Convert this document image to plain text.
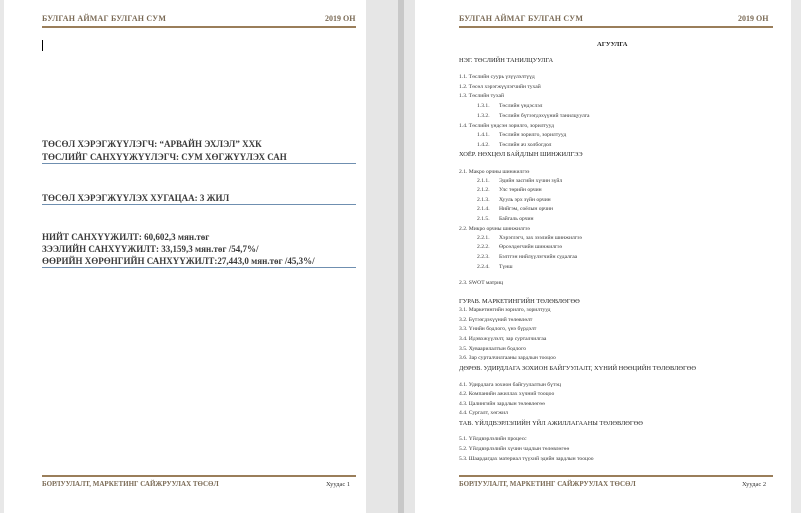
БУЛГАН АЙМАГ БУЛГАН СУМ	2019 ОН
ТӨСӨЛ ХЭРЭГЖҮҮЛЭГЧ: “АРВАЙН ЭХЛЭЛ” ХХК
ТӨСЛИЙГ САНХҮҮЖҮҮЛЭГЧ: СУМ ХӨГЖҮҮЛЭХ САН
ТӨСӨЛ ХЭРЭГЖҮҮЛЭХ ХУГАЦАА: 3 ЖИЛ
НИЙТ САНХҮҮЖИЛТ: 60,602,3 мян.төг
ЗЭЭЛИЙН САНХҮҮЖИЛТ: 33,159,3 мян.төг /54,7%/
ӨӨРИЙН ХӨРӨНГИЙН САНХҮҮЖИЛТ:27,443,0 мян.төг /45,3%/
БОРЛУУЛАЛТ, МАРКЕТИНГ САЙЖРУУЛАХ ТӨСӨЛ	Хуудас 1
БУЛГАН АЙМАГ БУЛГАН СУМ	2019 ОН
АГУУЛГА
НЭГ. ТӨСЛИЙН ТАНИЛЦУУЛГА
1.1. Төслийн суурь үзүүлэлтүүд
1.2. Төсөл хэрэгжүүлэгчийн тухай
1.3. Төслийн тухай
1.3.1. Төслийн үндэслэл
1.3.2. Төслийн бүтээгдэхүүний танилцуулга
1.4. Төслийн үндсэн зорилго, зорилтууд
1.4.1. Төслийн зорилго, зорилтууд
1.4.2. Төслийн ач холбогдол
ХОЁР. НӨХЦӨЛ БАЙДЛЫН ШИНЖИЛГЭЭ
2.1. Макро орчны шинжилгээ
2.1.1. Эдийн засгийн хүчин зүйл
2.1.2. Улс төрийн орчин
2.1.3. Хууль эрх зүйн орчин
2.1.4. Нийгэм, соёлын орчин
2.1.5. Байгаль орчин
2.2. Микро орчны шинжилгээ
2.2.1. Хэрэглэгч, зах зээлийн шинжилгээ
2.2.2. Өрсөлдөгчийн шинжилгээ
2.2.3. Бэлтгэн нийлүүлэгчийн судалгаа
2.2.4. Түнш
2.3. SWOT матриц
ГУРАВ. МАРКЕТИНГИЙН ТӨЛӨВЛӨГӨӨ
3.1. Маркетингийн зорилго, зорилтууд
3.2. Бүтээгдэхүүний төлөвлөлт
3.3. Үнийн бодлого, үнэ бүрдэлт
3.4. Идэвхжүүлэлт, зар сурталчилгаа
3.5. Хуваарилалтын бодлого
3.6. Зар сурталчилгааны зардлын тооцоо
ДӨРӨВ. УДИРДЛАГА ЗОХИОН БАЙГУУЛАЛТ, ХҮНИЙ НӨӨЦИЙН ТӨЛӨВЛӨГӨӨ
4.1. Удирдлага зохион байгуулалтын бүтэц
4.2. Компанийн ажиллах хүчний тооцоо
4.3. Цалингийн зардлын төлөвлөгөө
4.4. Сургалт, хөгжил
ТАВ. ҮЙЛДВЭРЛЭЛИЙН ҮЙЛ АЖИЛЛАГААНЫ ТӨЛӨВЛӨГӨӨ
5.1. Үйлдвэрлэлийн процесс
5.2. Үйлдвэрлэлийн хүчин чадлын төлөвлөгөө
5.3. Шаардагдах материал түүхий эдийн зардлын тооцоо
БОРЛУУЛАЛТ, МАРКЕТИНГ САЙЖРУУЛАХ ТӨСӨЛ	Хуудас 2
